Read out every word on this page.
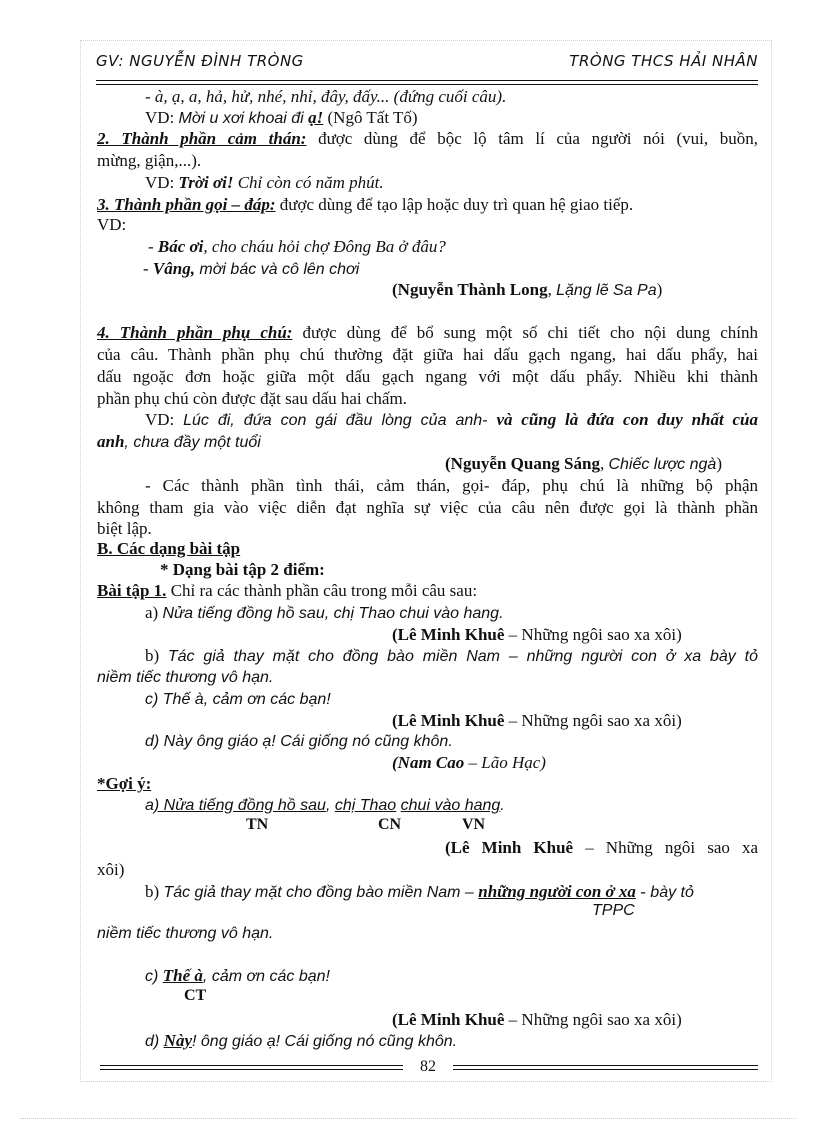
GV: NGUYỄN ĐÌNH TRÒNG	TRÒNG THCS HẢI NHÂN
- à, ạ, a, hả, hử, nhé, nhỉ, đây, đấy... (đứng cuối câu).
VD: Mời u xơi khoai đi ạ! (Ngô Tất Tố)
2. Thành phần cảm thán: được dùng để bộc lộ tâm lí của người nói (vui, buồn,
mừng, giận,...).
VD: Trời ơi! Chỉ còn có năm phút.
3. Thành phần gọi – đáp: được dùng để tạo lập hoặc duy trì quan hệ giao tiếp.
VD:
- Bác ơi, cho cháu hỏi chợ Đông Ba ở đâu?
- Vâng, mời bác và cô lên chơi
(Nguyễn Thành Long, Lặng lẽ Sa Pa)
4. Thành phần phụ chú: được dùng để bổ sung một số chi tiết cho nội dung chính
của câu. Thành phần phụ chú thường đặt giữa hai dấu gạch ngang, hai dấu phẩy, hai
dấu ngoặc đơn hoặc giữa một dấu gạch ngang với một dấu phẩy. Nhiều khi thành
phần phụ chú còn được đặt sau dấu hai chấm.
VD: Lúc đi, đứa con gái đầu lòng của anh- và cũng là đứa con duy nhất của
anh, chưa đầy một tuổi
(Nguyễn Quang Sáng, Chiếc lược ngà)
- Các thành phần tình thái, cảm thán, gọi- đáp, phụ chú là những bộ phận
không tham gia vào việc diễn đạt nghĩa sự việc của câu nên được gọi là thành phần
biệt lập.
B. Các dạng bài tập
* Dạng bài tập 2 điểm:
Bài tập 1. Chỉ ra các thành phần câu trong mỗi câu sau:
a) Nửa tiếng đồng hồ sau, chị Thao chui vào hang.
(Lê Minh Khuê – Những ngôi sao xa xôi)
b) Tác giả thay mặt cho đồng bào miền Nam – những người con ở xa bày tỏ
niềm tiếc thương vô hạn.
c) Thế à, cảm ơn các bạn!
(Lê Minh Khuê – Những ngôi sao xa xôi)
d) Này ông giáo ạ! Cái giống nó cũng khôn.
(Nam Cao – Lão Hạc)
*Gợi ý:
a) Nửa tiếng đồng hồ sau, chị Thao chui vào hang.
TN	CN	VN
(Lê Minh Khuê – Những ngôi sao xa
xôi)
b) Tác giả thay mặt cho đồng bào miền Nam – những người con ở xa - bày tỏ
TPPC
niềm tiếc thương vô hạn.
c) Thế à, cảm ơn các bạn!
CT
(Lê Minh Khuê – Những ngôi sao xa xôi)
d) Này! ông giáo ạ! Cái giống nó cũng khôn.
82
